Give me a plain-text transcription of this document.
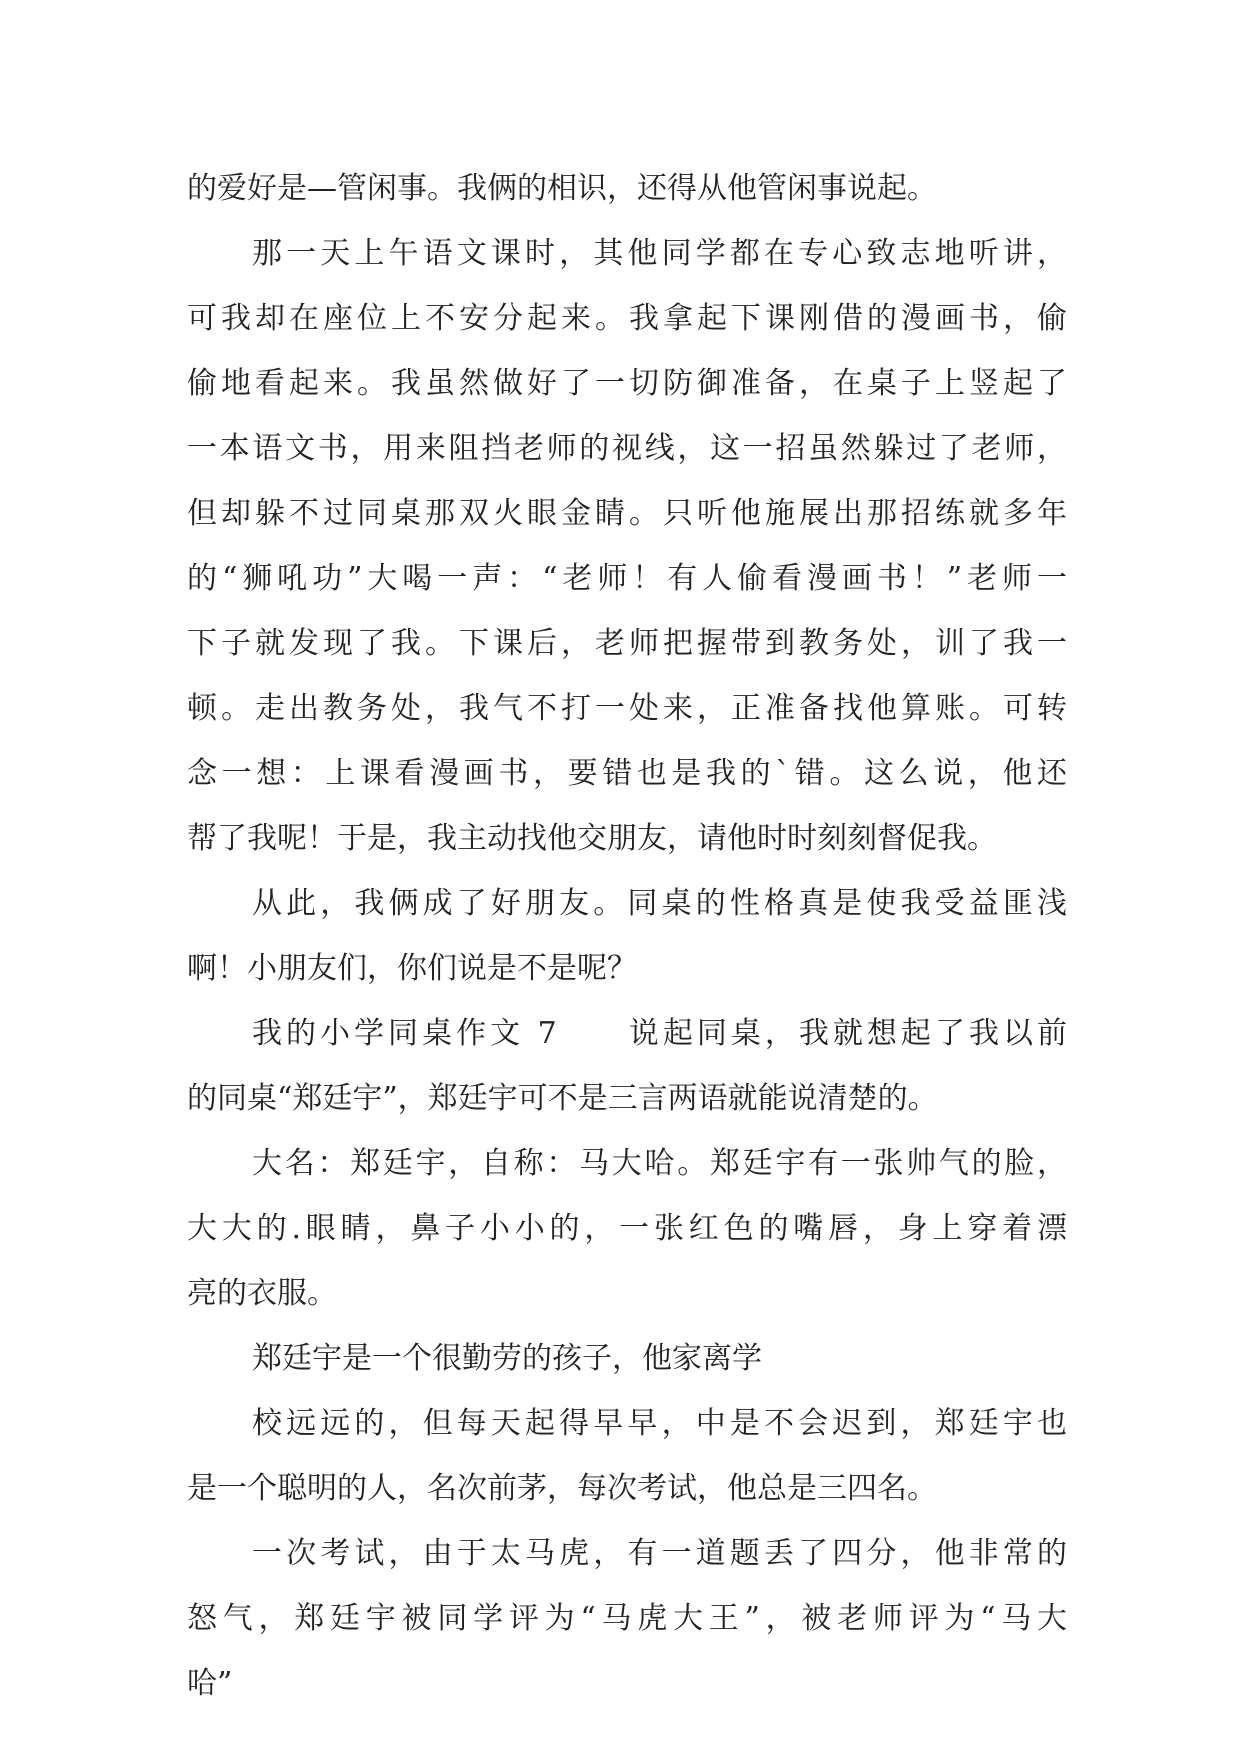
的爱好是—管闲事。我俩的相识，还得从他管闲事说起。
那一天上午语文课时，其他同学都在专心致志地听讲，
可我却在座位上不安分起来。我拿起下课刚借的漫画书，偷
偷地看起来。我虽然做好了一切防御准备，在桌子上竖起了
一本语文书，用来阻挡老师的视线，这一招虽然躲过了老师，
但却躲不过同桌那双火眼金睛。只听他施展出那招练就多年
的“狮吼功”大喝一声：“老师！有人偷看漫画书！”老师一
下子就发现了我。下课后，老师把握带到教务处，训了我一
顿。走出教务处，我气不打一处来，正准备找他算账。可转
念一想：上课看漫画书，要错也是我的`错。这么说，他还
帮了我呢！于是，我主动找他交朋友，请他时时刻刻督促我。
从此，我俩成了好朋友。同桌的性格真是使我受益匪浅
啊！小朋友们，你们说是不是呢？
我的小学同桌作文 7　　说起同桌，我就想起了我以前
的同桌“郑廷宇”，郑廷宇可不是三言两语就能说清楚的。
大名：郑廷宇，自称：马大哈。郑廷宇有一张帅气的脸，
大大的.眼睛，鼻子小小的，一张红色的嘴唇，身上穿着漂
亮的衣服。
郑廷宇是一个很勤劳的孩子，他家离学
校远远的，但每天起得早早，中是不会迟到，郑廷宇也
是一个聪明的人，名次前茅，每次考试，他总是三四名。
一次考试，由于太马虎，有一道题丢了四分，他非常的
怒气，郑廷宇被同学评为“马虎大王”，被老师评为“马大
哈”
